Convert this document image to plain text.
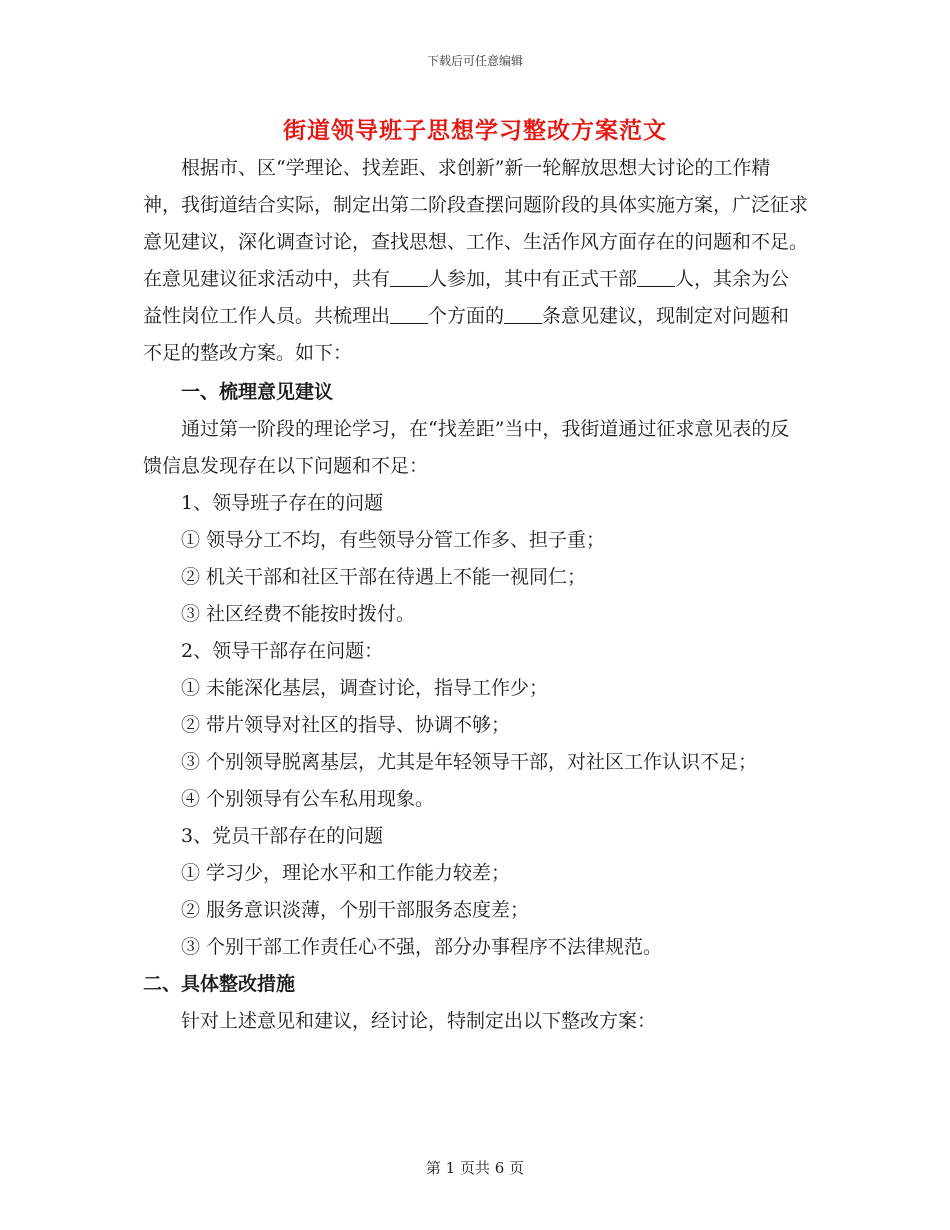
下载后可任意编辑
街道领导班子思想学习整改方案范文

根据市、区“学理论、找差距、求创新”新一轮解放思想大讨论的工作精神，我街道结合实际，制定出第二阶段查摆问题阶段的具体实施方案，广泛征求意见建议，深化调查讨论，查找思想、工作、生活作风方面存在的问题和不足。在意见建议征求活动中，共有 人参加，其中有正式干部 人，其余为公益性岗位工作人员。共梳理出 个方面的 条意见建议，现制定对问题和不足的整改方案。如下：

一、梳理意见建议

通过第一阶段的理论学习，在“找差距”当中，我街道通过征求意见表的反馈信息发现存在以下问题和不足：

1、领导班子存在的问题

① 领导分工不均，有些领导分管工作多、担子重；

② 机关干部和社区干部在待遇上不能一视同仁；

③ 社区经费不能按时拨付。

2、领导干部存在问题：

① 未能深化基层，调查讨论，指导工作少；

② 带片领导对社区的指导、协调不够；

③ 个别领导脱离基层，尤其是年轻领导干部，对社区工作认识不足；

④ 个别领导有公车私用现象。

3、党员干部存在的问题

① 学习少，理论水平和工作能力较差；

② 服务意识淡薄，个别干部服务态度差；

③ 个别干部工作责任心不强，部分办事程序不法律规范。

二、具体整改措施

针对上述意见和建议，经讨论，特制定出以下整改方案：

第 1 页共 6 页
